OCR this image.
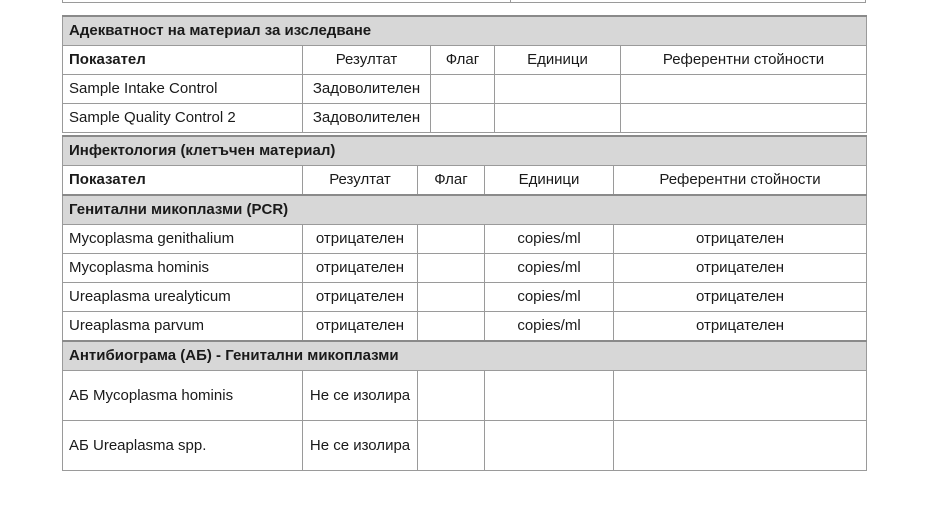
Адекватност на материал за изследване				
Показател	Резултат	Флаг	Единици	Референтни стойности
Sample Intake Control	Задоволителен			
Sample Quality Control 2	Задоволителен			
Инфектология (клетъчен материал)				
Показател	Резултат	Флаг	Единици	Референтни стойности
Генитални микоплазми (PCR)				
Mycoplasma genithalium	отрицателен		copies/ml	отрицателен
Mycoplasma hominis	отрицателен		copies/ml	отрицателен
Ureaplasma urealyticum	отрицателен		copies/ml	отрицателен
Ureaplasma parvum	отрицателен		copies/ml	отрицателен
Антибиограма (АБ) - Генитални микоплазми				
АБ Mycoplasma hominis	Не се изолира			
АБ Ureaplasma spp.	Не се изолира			
